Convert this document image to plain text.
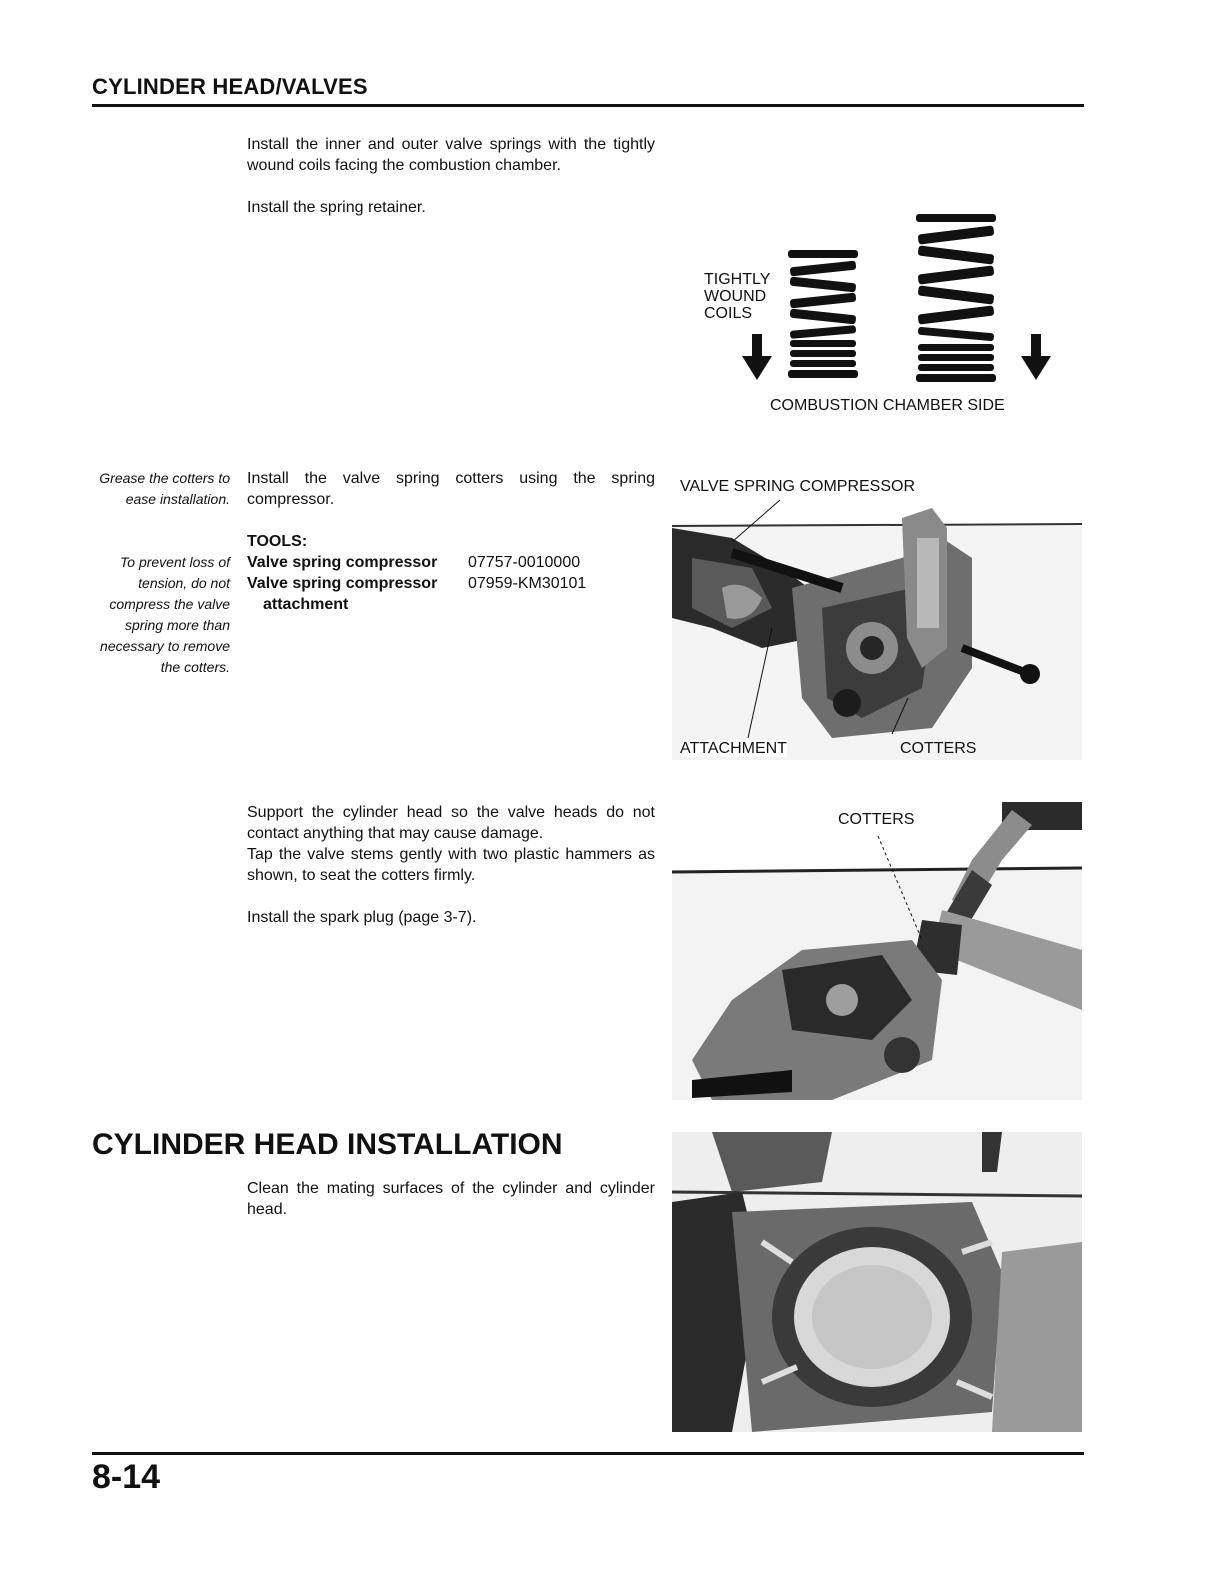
CYLINDER HEAD/VALVES
Install the inner and outer valve springs with the tightly wound coils facing the combustion chamber.
Install the spring retainer.
TIGHTLY
WOUND
COILS
COMBUSTION CHAMBER SIDE
Grease the cotters to ease installation.
Install the valve spring cotters using the spring compressor.
TOOLS:
Valve spring compressor 07757-0010000
Valve spring compressor 07959-KM30101
attachment
To prevent loss of tension, do not compress the valve spring more than necessary to remove the cotters.
VALVE SPRING COMPRESSOR
ATTACHMENT	COTTERS
Support the cylinder head so the valve heads do not contact anything that may cause damage.
Tap the valve stems gently with two plastic hammers as shown, to seat the cotters firmly.
Install the spark plug (page 3-7).
COTTERS
CYLINDER HEAD INSTALLATION
Clean the mating surfaces of the cylinder and cylinder head.
8-14
